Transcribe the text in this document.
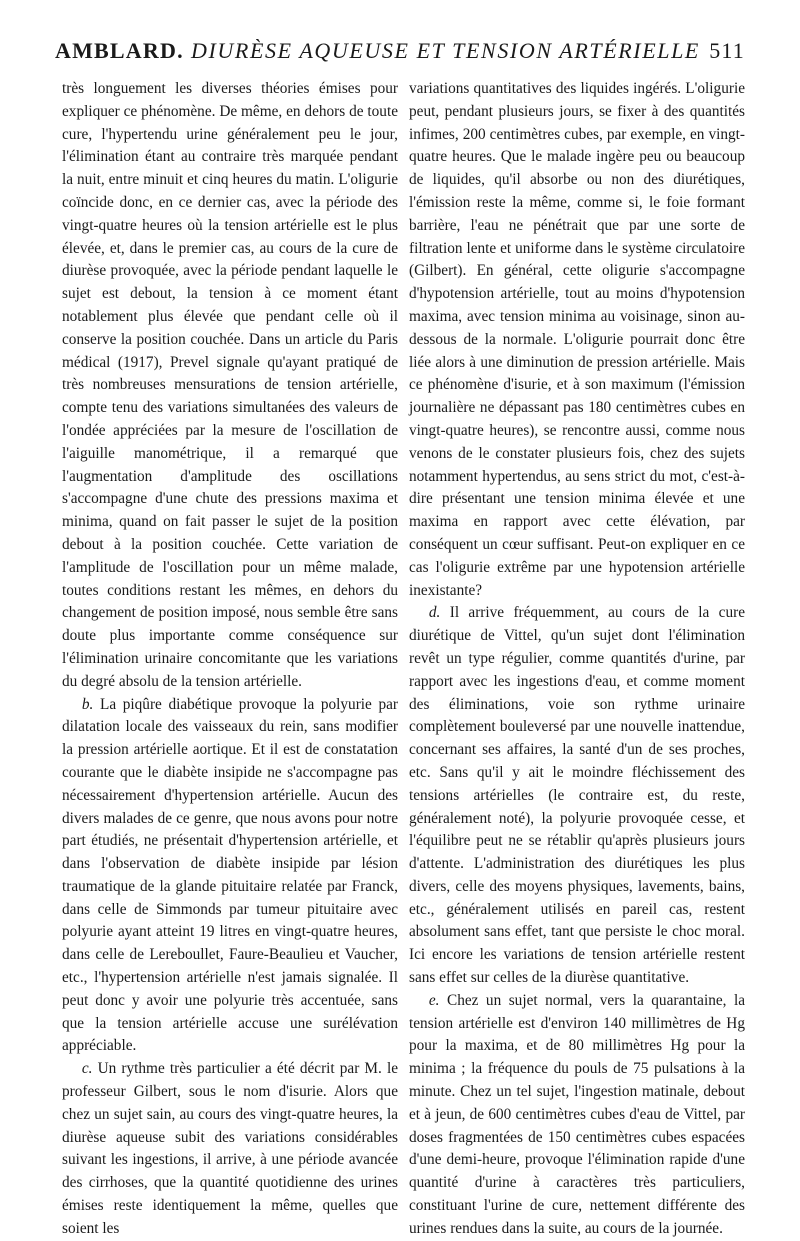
AMBLARD. DIURÈSE AQUEUSE ET TENSION ARTÉRIELLE 511

très longuement les diverses théories émises pour expliquer ce phénomène. De même, en dehors de toute cure, l'hypertendu urine généralement peu le jour, l'élimination étant au contraire très marquée pendant la nuit, entre minuit et cinq heures du matin. L'oligurie coïncide donc, en ce dernier cas, avec la période des vingt-quatre heures où la tension artérielle est le plus élevée, et, dans le premier cas, au cours de la cure de diurèse provoquée, avec la période pendant laquelle le sujet est debout, la tension à ce moment étant notablement plus élevée que pendant celle où il conserve la position couchée. Dans un article du Paris médical (1917), Prevel signale qu'ayant pratiqué de très nombreuses mensurations de tension artérielle, compte tenu des variations simultanées des valeurs de l'ondée appréciées par la mesure de l'oscillation de l'aiguille manométrique, il a remarqué que l'augmentation d'amplitude des oscillations s'accompagne d'une chute des pressions maxima et minima, quand on fait passer le sujet de la position debout à la position couchée. Cette variation de l'amplitude de l'oscillation pour un même malade, toutes conditions restant les mêmes, en dehors du changement de position imposé, nous semble être sans doute plus importante comme conséquence sur l'élimination urinaire concomitante que les variations du degré absolu de la tension artérielle.

b. La piqûre diabétique provoque la polyurie par dilatation locale des vaisseaux du rein, sans modifier la pression artérielle aortique. Et il est de constatation courante que le diabète insipide ne s'accompagne pas nécessairement d'hypertension artérielle. Aucun des divers malades de ce genre, que nous avons pour notre part étudiés, ne présentait d'hypertension artérielle, et dans l'observation de diabète insipide par lésion traumatique de la glande pituitaire relatée par Franck, dans celle de Simmonds par tumeur pituitaire avec polyurie ayant atteint 19 litres en vingt-quatre heures, dans celle de Lereboullet, Faure-Beaulieu et Vaucher, etc., l'hypertension artérielle n'est jamais signalée. Il peut donc y avoir une polyurie très accentuée, sans que la tension artérielle accuse une surélévation appréciable.

c. Un rythme très particulier a été décrit par M. le professeur Gilbert, sous le nom d'isurie. Alors que chez un sujet sain, au cours des vingt-quatre heures, la diurèse aqueuse subit des variations considérables suivant les ingestions, il arrive, à une période avancée des cirrhoses, que la quantité quotidienne des urines émises reste identiquement la même, quelles que soient les

variations quantitatives des liquides ingérés. L'oligurie peut, pendant plusieurs jours, se fixer à des quantités infimes, 200 centimètres cubes, par exemple, en vingt-quatre heures. Que le malade ingère peu ou beaucoup de liquides, qu'il absorbe ou non des diurétiques, l'émission reste la même, comme si, le foie formant barrière, l'eau ne pénétrait que par une sorte de filtration lente et uniforme dans le système circulatoire (Gilbert). En général, cette oligurie s'accompagne d'hypotension artérielle, tout au moins d'hypotension maxima, avec tension minima au voisinage, sinon au-dessous de la normale. L'oligurie pourrait donc être liée alors à une diminution de pression artérielle. Mais ce phénomène d'isurie, et à son maximum (l'émission journalière ne dépassant pas 180 centimètres cubes en vingt-quatre heures), se rencontre aussi, comme nous venons de le constater plusieurs fois, chez des sujets notamment hypertendus, au sens strict du mot, c'est-à-dire présentant une tension minima élevée et une maxima en rapport avec cette élévation, par conséquent un cœur suffisant. Peut-on expliquer en ce cas l'oligurie extrême par une hypotension artérielle inexistante?

d. Il arrive fréquemment, au cours de la cure diurétique de Vittel, qu'un sujet dont l'élimination revêt un type régulier, comme quantités d'urine, par rapport avec les ingestions d'eau, et comme moment des éliminations, voie son rythme urinaire complètement bouleversé par une nouvelle inattendue, concernant ses affaires, la santé d'un de ses proches, etc. Sans qu'il y ait le moindre fléchissement des tensions artérielles (le contraire est, du reste, généralement noté), la polyurie provoquée cesse, et l'équilibre peut ne se rétablir qu'après plusieurs jours d'attente. L'administration des diurétiques les plus divers, celle des moyens physiques, lavements, bains, etc., généralement utilisés en pareil cas, restent absolument sans effet, tant que persiste le choc moral. Ici encore les variations de tension artérielle restent sans effet sur celles de la diurèse quantitative.

e. Chez un sujet normal, vers la quarantaine, la tension artérielle est d'environ 140 millimètres de Hg pour la maxima, et de 80 millimètres Hg pour la minima ; la fréquence du pouls de 75 pulsations à la minute. Chez un tel sujet, l'ingestion matinale, debout et à jeun, de 600 centimètres cubes d'eau de Vittel, par doses fragmentées de 150 centimètres cubes espacées d'une demi-heure, provoque l'élimination rapide d'une quantité d'urine à caractères très particuliers, constituant l'urine de cure, nettement différente des urines rendues dans la suite, au cours de la journée.
